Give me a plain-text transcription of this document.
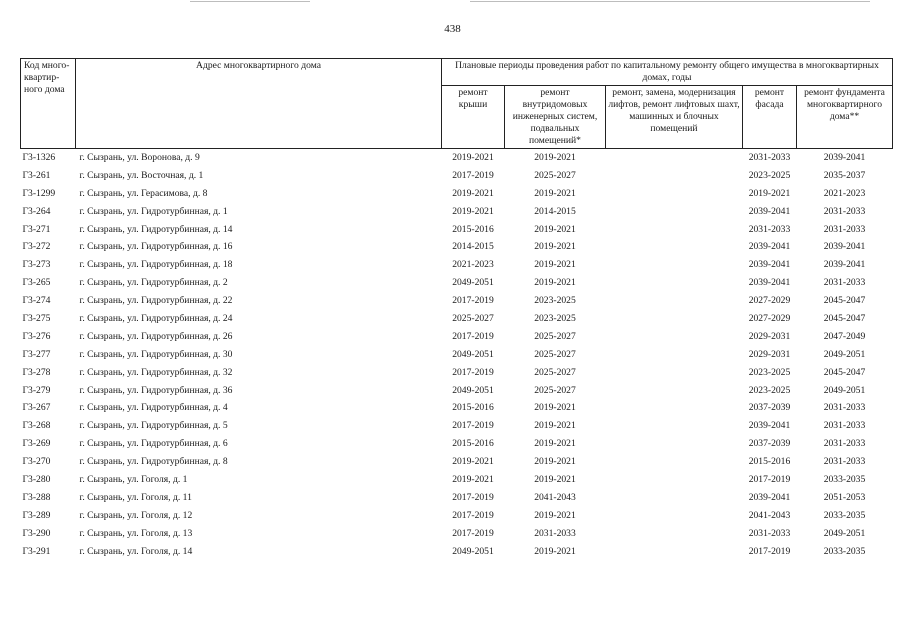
438
Код много-квартир-ного дома	Адрес многоквартирного дома	Плановые периоды проведения работ по капитальному ремонту общего имущества в многоквартирных домах, годы				
		ремонт крыши	ремонт внутридомовых инженерных систем, подвальных помещений*	ремонт, замена, модернизация лифтов, ремонт лифтовых шахт, машинных и блочных помещений	ремонт фасада	ремонт фундамента многоквартирного дома**
Г3-1326	г. Сызрань, ул. Воронова, д. 9	2019-2021	2019-2021		2031-2033	2039-2041
Г3-261	г. Сызрань, ул. Восточная, д. 1	2017-2019	2025-2027		2023-2025	2035-2037
Г3-1299	г. Сызрань, ул. Герасимова, д. 8	2019-2021	2019-2021		2019-2021	2021-2023
Г3-264	г. Сызрань, ул. Гидротурбинная, д. 1	2019-2021	2014-2015		2039-2041	2031-2033
Г3-271	г. Сызрань, ул. Гидротурбинная, д. 14	2015-2016	2019-2021		2031-2033	2031-2033
Г3-272	г. Сызрань, ул. Гидротурбинная, д. 16	2014-2015	2019-2021		2039-2041	2039-2041
Г3-273	г. Сызрань, ул. Гидротурбинная, д. 18	2021-2023	2019-2021		2039-2041	2039-2041
Г3-265	г. Сызрань, ул. Гидротурбинная, д. 2	2049-2051	2019-2021		2039-2041	2031-2033
Г3-274	г. Сызрань, ул. Гидротурбинная, д. 22	2017-2019	2023-2025		2027-2029	2045-2047
Г3-275	г. Сызрань, ул. Гидротурбинная, д. 24	2025-2027	2023-2025		2027-2029	2045-2047
Г3-276	г. Сызрань, ул. Гидротурбинная, д. 26	2017-2019	2025-2027		2029-2031	2047-2049
Г3-277	г. Сызрань, ул. Гидротурбинная, д. 30	2049-2051	2025-2027		2029-2031	2049-2051
Г3-278	г. Сызрань, ул. Гидротурбинная, д. 32	2017-2019	2025-2027		2023-2025	2045-2047
Г3-279	г. Сызрань, ул. Гидротурбинная, д. 36	2049-2051	2025-2027		2023-2025	2049-2051
Г3-267	г. Сызрань, ул. Гидротурбинная, д. 4	2015-2016	2019-2021		2037-2039	2031-2033
Г3-268	г. Сызрань, ул. Гидротурбинная, д. 5	2017-2019	2019-2021		2039-2041	2031-2033
Г3-269	г. Сызрань, ул. Гидротурбинная, д. 6	2015-2016	2019-2021		2037-2039	2031-2033
Г3-270	г. Сызрань, ул. Гидротурбинная, д. 8	2019-2021	2019-2021		2015-2016	2031-2033
Г3-280	г. Сызрань, ул. Гоголя, д. 1	2019-2021	2019-2021		2017-2019	2033-2035
Г3-288	г. Сызрань, ул. Гоголя, д. 11	2017-2019	2041-2043		2039-2041	2051-2053
Г3-289	г. Сызрань, ул. Гоголя, д. 12	2017-2019	2019-2021		2041-2043	2033-2035
Г3-290	г. Сызрань, ул. Гоголя, д. 13	2017-2019	2031-2033		2031-2033	2049-2051
Г3-291	г. Сызрань, ул. Гоголя, д. 14	2049-2051	2019-2021		2017-2019	2033-2035
